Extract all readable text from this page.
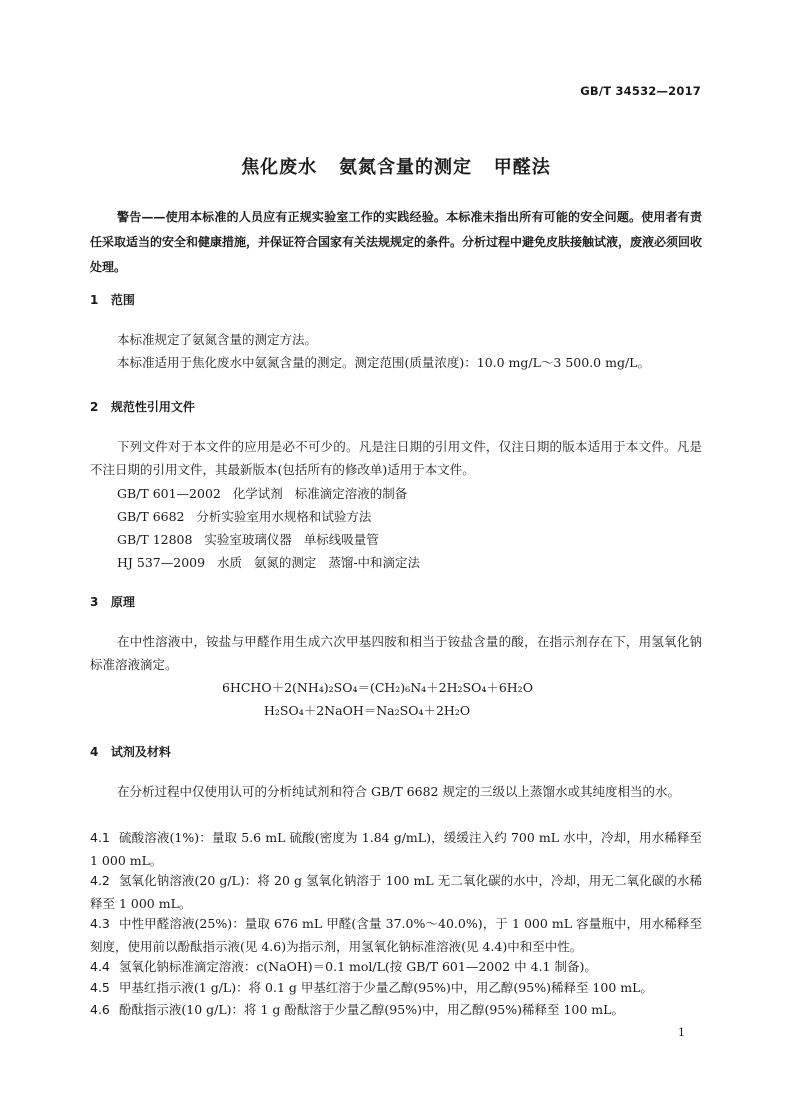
GB/T 34532—2017
焦化废水   氨氮含量的测定   甲醛法
警告——使用本标准的人员应有正规实验室工作的实践经验。本标准未指出所有可能的安全问题。使用者有责任采取适当的安全和健康措施，并保证符合国家有关法规规定的条件。分析过程中避免皮肤接触试液，废液必须回收处理。
1   范围
本标准规定了氨氮含量的测定方法。
本标准适用于焦化废水中氨氮含量的测定。测定范围(质量浓度)：10.0 mg/L～3 500.0 mg/L。
2   规范性引用文件
下列文件对于本文件的应用是必不可少的。凡是注日期的引用文件，仅注日期的版本适用于本文件。凡是不注日期的引用文件，其最新版本(包括所有的修改单)适用于本文件。
GB/T 601—2002   化学试剂   标准滴定溶液的制备
GB/T 6682   分析实验室用水规格和试验方法
GB/T 12808   实验室玻璃仪器   单标线吸量管
HJ 537—2009   水质   氨氮的测定   蒸馏-中和滴定法
3   原理
在中性溶液中，铵盐与甲醛作用生成六次甲基四胺和相当于铵盐含量的酸，在指示剂存在下，用氢氧化钠标准溶液滴定。
6HCHO＋2(NH₄)₂SO₄＝(CH₂)₆N₄＋2H₂SO₄＋6H₂O
H₂SO₄＋2NaOH＝Na₂SO₄＋2H₂O
4   试剂及材料
在分析过程中仅使用认可的分析纯试剂和符合 GB/T 6682 规定的三级以上蒸馏水或其纯度相当的水。
4.1 硫酸溶液(1%)：量取 5.6 mL 硫酸(密度为 1.84 g/mL)，缓缓注入约 700 mL 水中，冷却，用水稀释至 1 000 mL。
4.2 氢氧化钠溶液(20 g/L)：将 20 g 氢氧化钠溶于 100 mL 无二氧化碳的水中，冷却，用无二氧化碳的水稀释至 1 000 mL。
4.3 中性甲醛溶液(25%)：量取 676 mL 甲醛(含量 37.0%～40.0%)，于 1 000 mL 容量瓶中，用水稀释至刻度，使用前以酚酞指示液(见 4.6)为指示剂，用氢氧化钠标准溶液(见 4.4)中和至中性。
4.4 氢氧化钠标准滴定溶液：c(NaOH)＝0.1 mol/L(按 GB/T 601—2002 中 4.1 制备)。
4.5 甲基红指示液(1 g/L)：将 0.1 g 甲基红溶于少量乙醇(95%)中，用乙醇(95%)稀释至 100 mL。
4.6 酚酞指示液(10 g/L)：将 1 g 酚酞溶于少量乙醇(95%)中，用乙醇(95%)稀释至 100 mL。
1
